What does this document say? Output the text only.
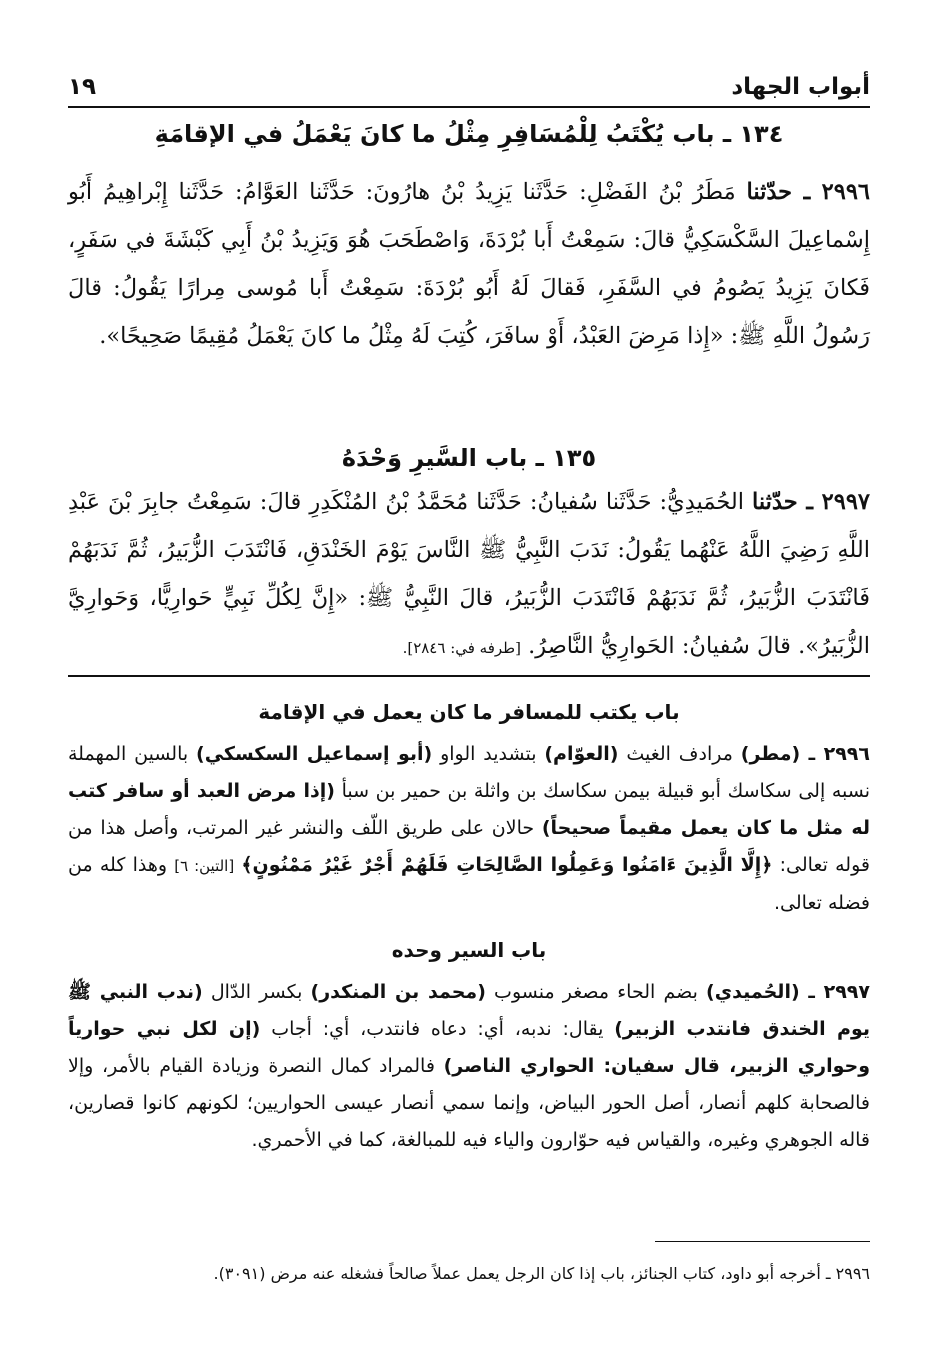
١٩	أبواب الجهاد
١٣٤ ـ باب يُكْتَبُ لِلْمُسَافِرِ مِثْلُ ما كانَ يَعْمَلُ في الإقامَةِ
٢٩٩٦ ـ حدّثنا مَطَرُ بْنُ الفَضْلِ: حَدَّثَنا يَزِيدُ بْنُ هارُونَ: حَدَّثَنا العَوَّامُ: حَدَّثَنا إِبْراهِيمُ أَبُو إِسْماعِيلَ السَّكْسَكِيُّ قالَ: سَمِعْتُ أَبا بُرْدَةَ، وَاصْطَحَبَ هُوَ وَيَزِيدُ بْنُ أَبِي كَبْشَةَ في سَفَرٍ، فَكانَ يَزِيدُ يَصُومُ في السَّفَرِ، فَقالَ لَهُ أَبُو بُرْدَةَ: سَمِعْتُ أَبا مُوسى مِرارًا يَقُولُ: قالَ رَسُولُ اللَّهِ ﷺ: «إِذا مَرِضَ العَبْدُ، أَوْ سافَرَ، كُتِبَ لَهُ مِثْلُ ما كانَ يَعْمَلُ مُقِيمًا صَحِيحًا».
١٣٥ ـ باب السَّيرِ وَحْدَهُ
٢٩٩٧ ـ حدّثنا الحُمَيدِيُّ: حَدَّثَنا سُفيانُ: حَدَّثَنا مُحَمَّدُ بْنُ المُنْكَدِرِ قالَ: سَمِعْتُ جابِرَ بْنَ عَبْدِ اللَّهِ رَضِيَ اللَّهُ عَنْهُما يَقُولُ: نَدَبَ النَّبِيُّ ﷺ النَّاسَ يَوْمَ الخَنْدَقِ، فَانْتَدَبَ الزُّبَيرُ، ثُمَّ نَدَبَهُمْ فَانْتَدَبَ الزُّبَيرُ، ثُمَّ نَدَبَهُمْ فَانْتَدَبَ الزُّبَيرُ، قالَ النَّبِيُّ ﷺ: «إِنَّ لِكُلِّ نَبِيٍّ حَوارِيًّا، وَحَوارِيَّ الزُّبَيرُ». قالَ سُفيانُ: الحَوارِيُّ النَّاصِرُ. [طرفه في: ٢٨٤٦].
باب يكتب للمسافر ما كان يعمل في الإقامة
٢٩٩٦ ـ (مطر) مرادف الغيث (العوّام) بتشديد الواو (أبو إسماعيل السكسكي) بالسين المهملة نسبه إلى سكاسك أبو قبيلة بيمن سكاسك بن واثلة بن حمير بن سبأ (إذا مرض العبد أو سافر كتب له مثل ما كان يعمل مقيماً صحيحاً) حالان على طريق اللّف والنشر غير المرتب، وأصل هذا من قوله تعالى: ﴿إِلَّا الَّذِينَ ءَامَنُوا وَعَمِلُوا الصَّالِحَاتِ فَلَهُمْ أَجْرٌ غَيْرُ مَمْنُونٍ﴾ [التين: ٦] وهذا كله من فضله تعالى.
باب السير وحده
٢٩٩٧ ـ (الحُميدي) بضم الحاء مصغر منسوب (محمد بن المنكدر) بكسر الدّال (ندب النبي ﷺ يوم الخندق فانتدب الزبير) يقال: ندبه، أي: دعاه فانتدب، أي: أجاب (إن لكل نبي حوارياً وحواري الزبير، قال سفيان: الحواري الناصر) فالمراد كمال النصرة وزيادة القيام بالأمر، وإلا فالصحابة كلهم أنصار، أصل الحور البياض، وإنما سمي أنصار عيسى الحواريين؛ لكونهم كانوا قصارين، قاله الجوهري وغيره، والقياس فيه حوّارون والياء فيه للمبالغة، كما في الأحمري.
٢٩٩٦ ـ أخرجه أبو داود، كتاب الجنائز، باب إذا كان الرجل يعمل عملاً صالحاً فشغله عنه مرض (٣٠٩١).
